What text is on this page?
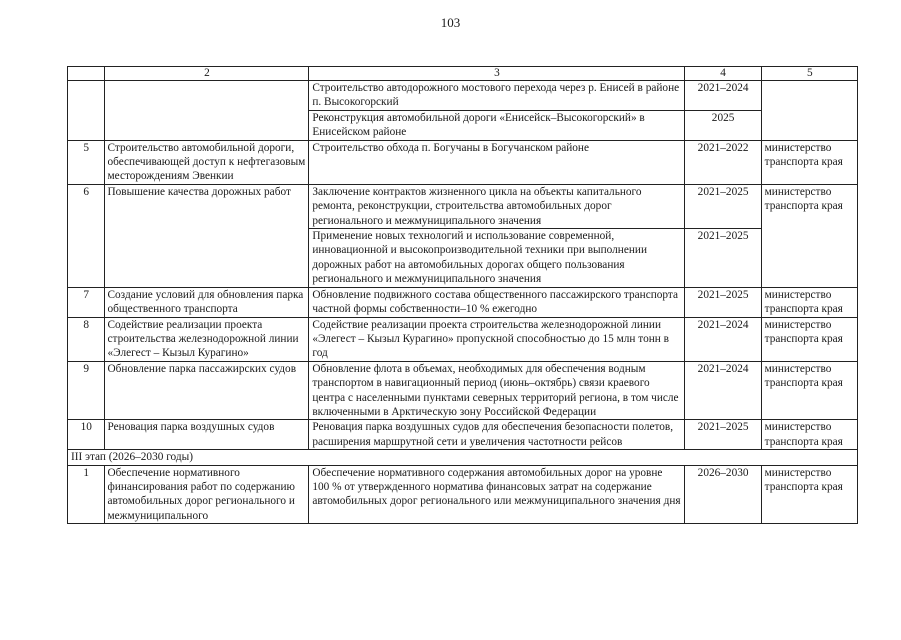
103
	2	3	4	5
		Строительство автодорожного мостового перехода через р. Енисей в районе п. Высокогорский	2021–2024	
		Реконструкция автомобильной дороги «Енисейск–Высокогорский» в Енисейском районе	2025	
5	Строительство автомобильной дороги, обеспечивающей доступ к нефтегазовым месторождениям Эвенкии	Строительство обхода п. Богучаны в Богучанском районе	2021–2022	министерство транспорта края
6	Повышение качества дорожных работ	Заключение контрактов жизненного цикла на объекты капитального ремонта, реконструкции, строительства автомобильных дорог регионального и межмуниципального значения	2021–2025	министерство транспорта края
		Применение новых технологий и использование современной, инновационной и высокопроизводительной техники при выполнении дорожных работ на автомобильных дорогах общего пользования регионального и межмуниципального значения	2021–2025	
7	Создание условий для обновления парка общественного транспорта	Обновление подвижного состава общественного пассажирского транспорта частной формы собственности–10 % ежегодно	2021–2025	министерство транспорта края
8	Содействие реализации проекта строительства железнодорожной линии «Элегест – Кызыл Курагино»	Содействие реализации проекта строительства железнодорожной линии «Элегест – Кызыл Курагино» пропускной способностью до 15 млн тонн в год	2021–2024	министерство транспорта края
9	Обновление парка пассажирских судов	Обновление флота в объемах, необходимых для обеспечения водным транспортом в навигационный период (июнь–октябрь) связи краевого центра с населенными пунктами северных территорий региона, в том числе включенными в Арктическую зону Российской Федерации	2021–2024	министерство транспорта края
10	Реновация парка воздушных судов	Реновация парка воздушных судов для обеспечения безопасности полетов, расширения маршрутной сети и увеличения частотности рейсов	2021–2025	министерство транспорта края
III этап (2026–2030 годы)				
1	Обеспечение нормативного финансирования работ по содержанию автомобильных дорог регионального и межмуниципального	Обеспечение нормативного содержания автомобильных дорог на уровне 100 % от утвержденного норматива финансовых затрат на содержание автомобильных дорог регионального или межмуниципального значения дня	2026–2030	министерство транспорта края
